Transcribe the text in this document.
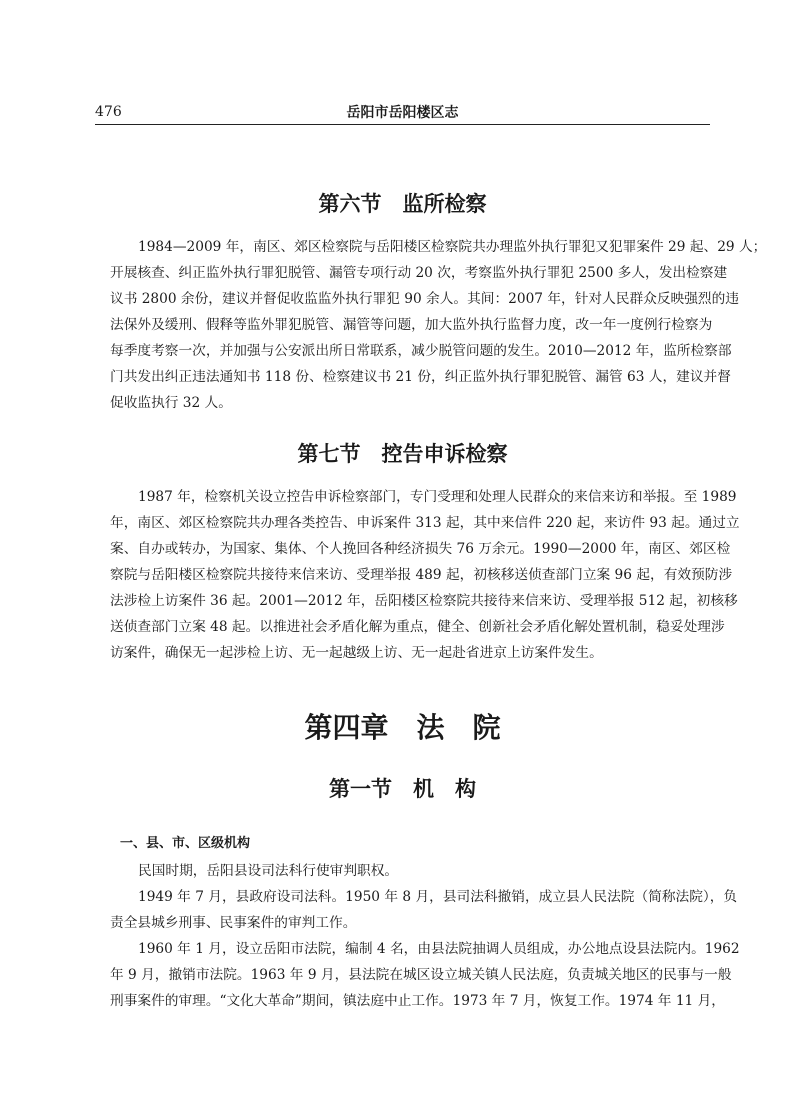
476	岳阳市岳阳楼区志
第六节　监所检察

1984—2009 年，南区、郊区检察院与岳阳楼区检察院共办理监外执行罪犯又犯罪案件 29 起、29 人；
开展核查、纠正监外执行罪犯脱管、漏管专项行动 20 次，考察监外执行罪犯 2500 多人，发出检察建
议书 2800 余份，建议并督促收监监外执行罪犯 90 余人。其间：2007 年，针对人民群众反映强烈的违
法保外及缓刑、假释等监外罪犯脱管、漏管等问题，加大监外执行监督力度，改一年一度例行检察为
每季度考察一次，并加强与公安派出所日常联系，减少脱管问题的发生。2010—2012 年，监所检察部
门共发出纠正违法通知书 118 份、检察建议书 21 份，纠正监外执行罪犯脱管、漏管 63 人，建议并督
促收监执行 32 人。

第七节　控告申诉检察

1987 年，检察机关设立控告申诉检察部门，专门受理和处理人民群众的来信来访和举报。至 1989
年，南区、郊区检察院共办理各类控告、申诉案件 313 起，其中来信件 220 起，来访件 93 起。通过立
案、自办或转办，为国家、集体、个人挽回各种经济损失 76 万余元。1990—2000 年，南区、郊区检
察院与岳阳楼区检察院共接待来信来访、受理举报 489 起，初核移送侦查部门立案 96 起，有效预防涉
法涉检上访案件 36 起。2001—2012 年，岳阳楼区检察院共接待来信来访、受理举报 512 起，初核移
送侦查部门立案 48 起。以推进社会矛盾化解为重点，健全、创新社会矛盾化解处置机制，稳妥处理涉
访案件，确保无一起涉检上访、无一起越级上访、无一起赴省进京上访案件发生。

第四章　法　院
第一节　机　构
一、县、市、区级机构

民国时期，岳阳县设司法科行使审判职权。

1949 年 7 月，县政府设司法科。1950 年 8 月，县司法科撤销，成立县人民法院（简称法院），负
责全县城乡刑事、民事案件的审判工作。

1960 年 1 月，设立岳阳市法院，编制 4 名，由县法院抽调人员组成，办公地点设县法院内。1962
年 9 月，撤销市法院。1963 年 9 月，县法院在城区设立城关镇人民法庭，负责城关地区的民事与一般
刑事案件的审理。“文化大革命”期间，镇法庭中止工作。1973 年 7 月，恢复工作。1974 年 11 月，
